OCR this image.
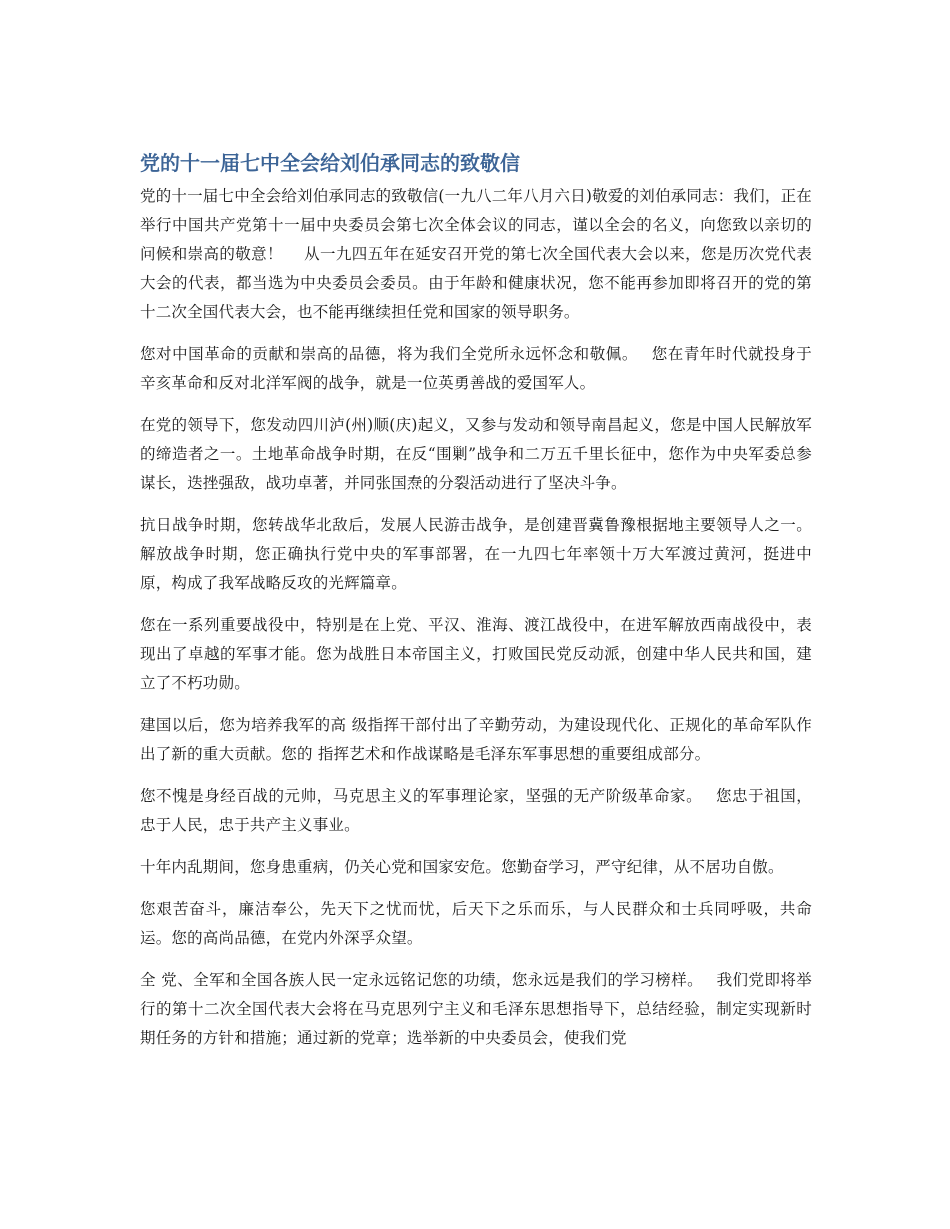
党的十一届七中全会给刘伯承同志的致敬信

党的十一届七中全会给刘伯承同志的致敬信(一九八二年八月六日)敬爱的刘伯承同志：我们，正在举行中国共产党第十一届中央委员会第七次全体会议的同志，谨以全会的名义，向您致以亲切的问候和崇高的敬意！　 从一九四五年在延安召开党的第七次全国代表大会以来，您是历次党代表大会的代表，都当选为中央委员会委员。由于年龄和健康状况，您不能再参加即将召开的党的第十二次全国代表大会，也不能再继续担任党和国家的领导职务。

您对中国革命的贡献和崇高的品德，将为我们全党所永远怀念和敬佩。　 您在青年时代就投身于辛亥革命和反对北洋军阀的战争，就是一位英勇善战的爱国军人。

在党的领导下，您发动四川泸(州)顺(庆)起义，又参与发动和领导南昌起义，您是中国人民解放军的缔造者之一。土地革命战争时期，在反“围剿”战争和二万五千里长征中，您作为中央军委总参谋长，迭挫强敌，战功卓著，并同张国焘的分裂活动进行了坚决斗争。

抗日战争时期，您转战华北敌后，发展人民游击战争，是创建晋冀鲁豫根据地主要领导人之一。解放战争时期，您正确执行党中央的军事部署，在一九四七年率领十万大军渡过黄河，挺进中原，构成了我军战略反攻的光辉篇章。

您在一系列重要战役中，特别是在上党、平汉、淮海、渡江战役中，在进军解放西南战役中，表现出了卓越的军事才能。您为战胜日本帝国主义，打败国民党反动派，创建中华人民共和国，建立了不朽功勋。

建国以后，您为培养我军的高 级指挥干部付出了辛勤劳动，为建设现代化、正规化的革命军队作出了新的重大贡献。您的 指挥艺术和作战谋略是毛泽东军事思想的重要组成部分。

您不愧是身经百战的元帅，马克思主义的军事理论家，坚强的无产阶级革命家。　 您忠于祖国，忠于人民，忠于共产主义事业。

十年内乱期间，您身患重病，仍关心党和国家安危。您勤奋学习，严守纪律，从不居功自傲。

您艰苦奋斗，廉洁奉公，先天下之忧而忧，后天下之乐而乐，与人民群众和士兵同呼吸，共命运。您的高尚品德，在党内外深孚众望。

全 党、全军和全国各族人民一定永远铭记您的功绩，您永远是我们的学习榜样。　 我们党即将举行的第十二次全国代表大会将在马克思列宁主义和毛泽东思想指导下，总结经验，制定实现新时期任务的方针和措施；通过新的党章；选举新的中央委员会，使我们党
